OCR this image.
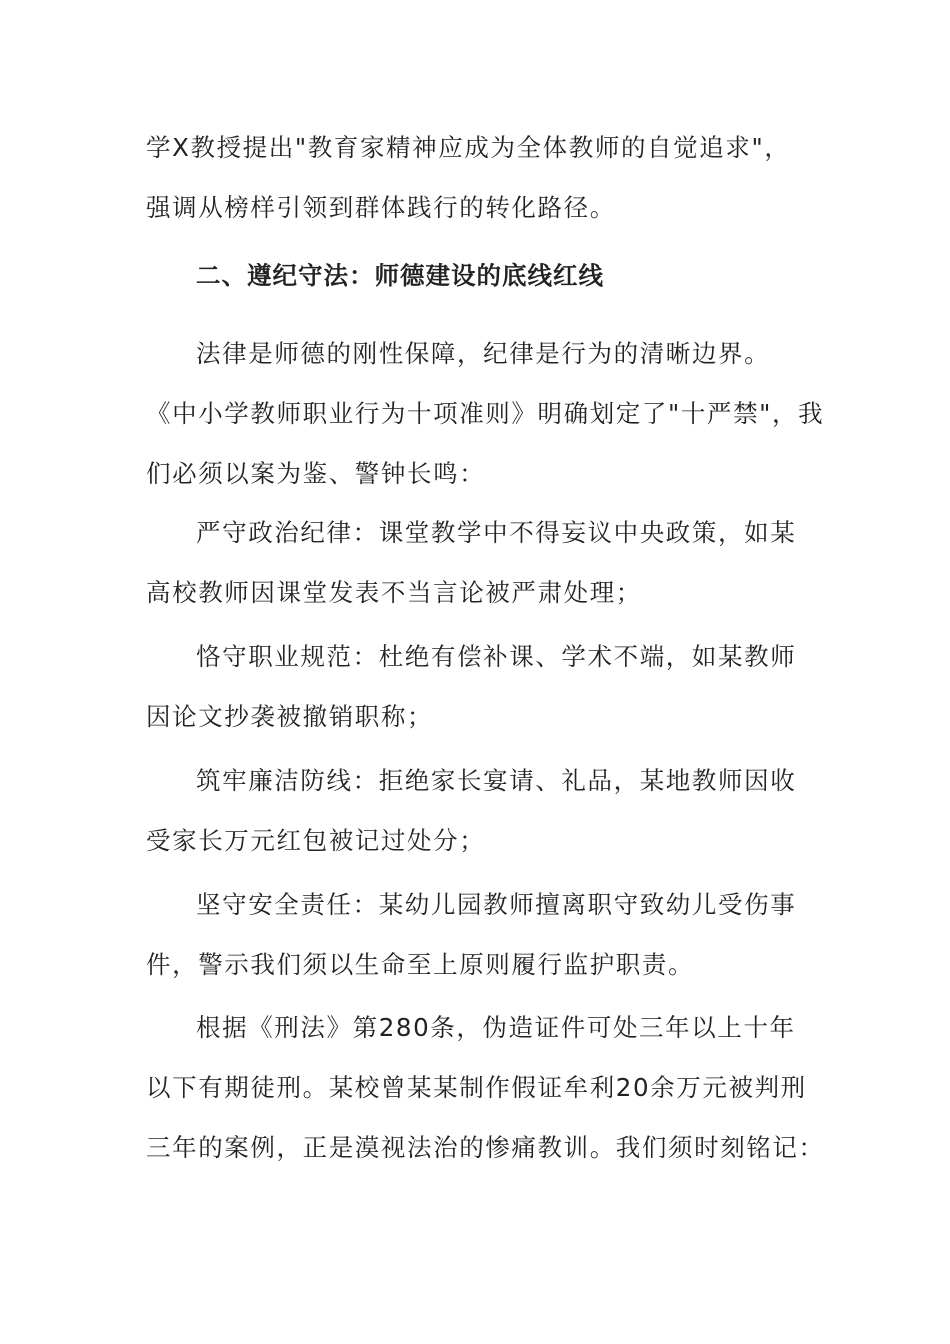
学X教授提出"教育家精神应成为全体教师的自觉追求"，
强调从榜样引领到群体践行的转化路径。
二、遵纪守法：师德建设的底线红线
法律是师德的刚性保障，纪律是行为的清晰边界。
《中小学教师职业行为十项准则》明确划定了"十严禁"，我
们必须以案为鉴、警钟长鸣：
严守政治纪律：课堂教学中不得妄议中央政策，如某
高校教师因课堂发表不当言论被严肃处理；
恪守职业规范：杜绝有偿补课、学术不端，如某教师
因论文抄袭被撤销职称；
筑牢廉洁防线：拒绝家长宴请、礼品，某地教师因收
受家长万元红包被记过处分；
坚守安全责任：某幼儿园教师擅离职守致幼儿受伤事
件，警示我们须以生命至上原则履行监护职责。
根据《刑法》第280条，伪造证件可处三年以上十年
以下有期徒刑。某校曾某某制作假证牟利20余万元被判刑
三年的案例，正是漠视法治的惨痛教训。我们须时刻铭记：
